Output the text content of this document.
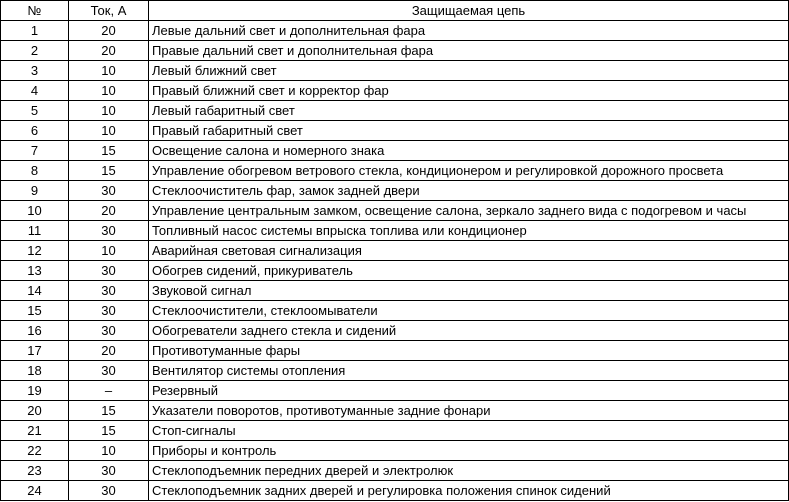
№	Ток, А	Защищаемая цепь
1	20	Левые дальний свет и дополнительная фара
2	20	Правые дальний свет и дополнительная фара
3	10	Левый ближний свет
4	10	Правый ближний свет и корректор фар
5	10	Левый габаритный свет
6	10	Правый габаритный свет
7	15	Освещение салона и номерного знака
8	15	Управление обогревом ветрового стекла, кондиционером и регулировкой дорожного просвета
9	30	Стеклоочиститель фар, замок задней двери
10	20	Управление центральным замком, освещение салона, зеркало заднего вида с подогревом и часы
11	30	Топливный насос системы впрыска топлива или кондиционер
12	10	Аварийная световая сигнализация
13	30	Обогрев сидений, прикуриватель
14	30	Звуковой сигнал
15	30	Стеклоочистители, стеклоомыватели
16	30	Обогреватели заднего стекла и сидений
17	20	Противотуманные фары
18	30	Вентилятор системы отопления
19	–	Резервный
20	15	Указатели поворотов, противотуманные задние фонари
21	15	Стоп-сигналы
22	10	Приборы и контроль
23	30	Стеклоподъемник передних дверей и электролюк
24	30	Стеклоподъемник задних дверей и регулировка положения спинок сидений
